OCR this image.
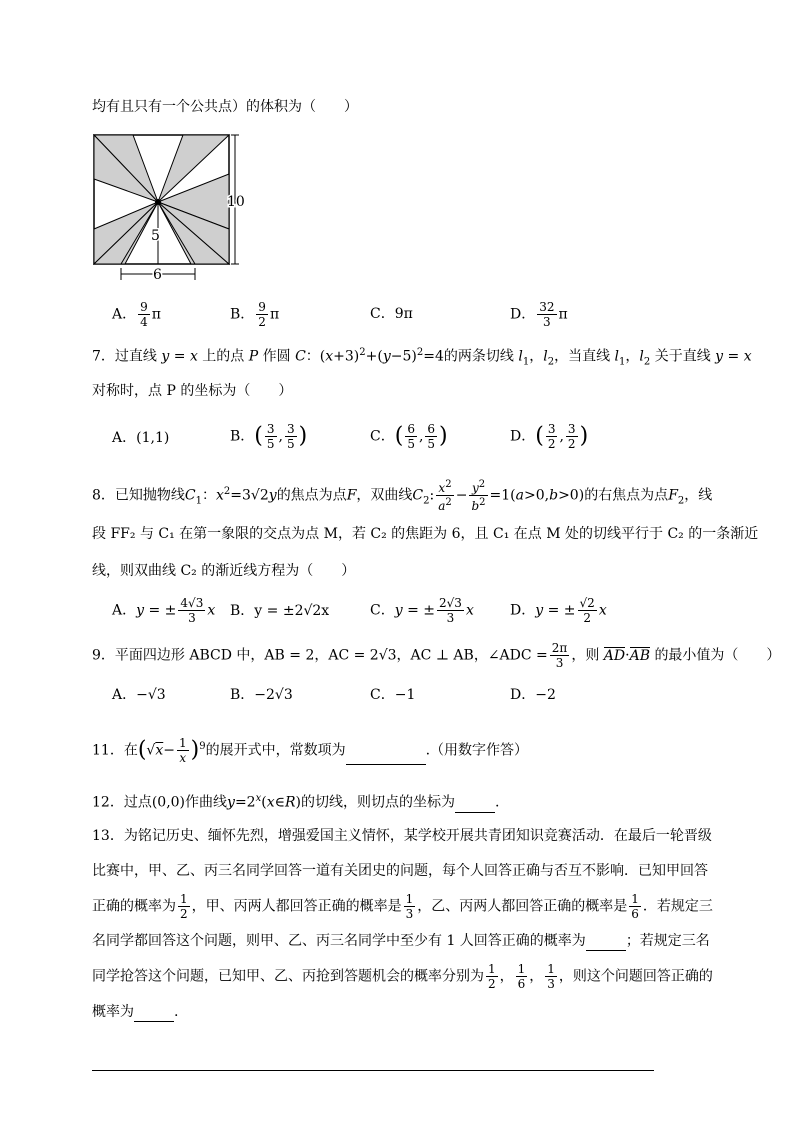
均有且只有一个公共点）的体积为（　　）
10
5
6
A． $\frac{9}{4}$ π	B． $\frac{9}{2}$ π	C．9π	D． $\frac{32}{3}$ π
7．过直线 y = x 上的点 P 作圆 C：$(x+3)^2+(y-5)^2=4$的两条切线 $l_1$，$l_2$，当直线 $l_1$，$l_2$ 关于直线 y = x
对称时，点 P 的坐标为（　　）
A．(1,1)	B．( $\frac{3}{5}$ , $\frac{3}{5}$ )	C．( $\frac{6}{5}$ , $\frac{6}{5}$ )	D．( $\frac{3}{2}$ , $\frac{3}{2}$ )
8．已知抛物线$C_1$：$x^2=3√2y$的焦点为点F，双曲线$C_2$: $\frac{x^2}{a^2} - \frac{y^2}{b^2} =1(a>0,b>0)$的右焦点为点$F_2$，线
段 FF₂ 与 C₁ 在第一象限的交点为点 M，若 C₂ 的焦距为 6，且 C₁ 在点 M 处的切线平行于 C₂ 的一条渐近
线，则双曲线 C₂ 的渐近线方程为（　　）
A．y = ± $\frac{4√3}{3}$ x B．y = ±2√2x	C．y = ± $\frac{2√3}{3}$ x	D．y = ± $\frac{√2}{2}$ x
9．平面四边形 ABCD 中，AB = 2，AC = 2√3，AC ⊥ AB，∠ADC = $\frac{2\pi}{3}$ ，则 AD·AB 的最小值为（　　）
A．−√3	B．−2√3	C．−1	D．−2
11．在$(√x- \frac{1}{x} )^9$的展开式中，常数项为	.（用数字作答）
12．过点(0,0)作曲线$y=2^x(x\in R)$的切线，则切点的坐标为	.
13．为铭记历史、缅怀先烈，增强爱国主义情怀，某学校开展共青团知识竞赛活动．在最后一轮晋级
比赛中，甲、乙、丙三名同学回答一道有关团史的问题，每个人回答正确与否互不影响．已知甲回答
正确的概率为 $\frac{1}{2}$ ，甲、丙两人都回答正确的概率是 $\frac{1}{3}$ ，乙、丙两人都回答正确的概率是 $\frac{1}{6}$ ．若规定三
名同学都回答这个问题，则甲、乙、丙三名同学中至少有 1 人回答正确的概率为	；若规定三名
同学抢答这个问题，已知甲、乙、丙抢到答题机会的概率分别为 $\frac{1}{2}$ ， $\frac{1}{6}$ ， $\frac{1}{3}$ ，则这个问题回答正确的
概率为	.
